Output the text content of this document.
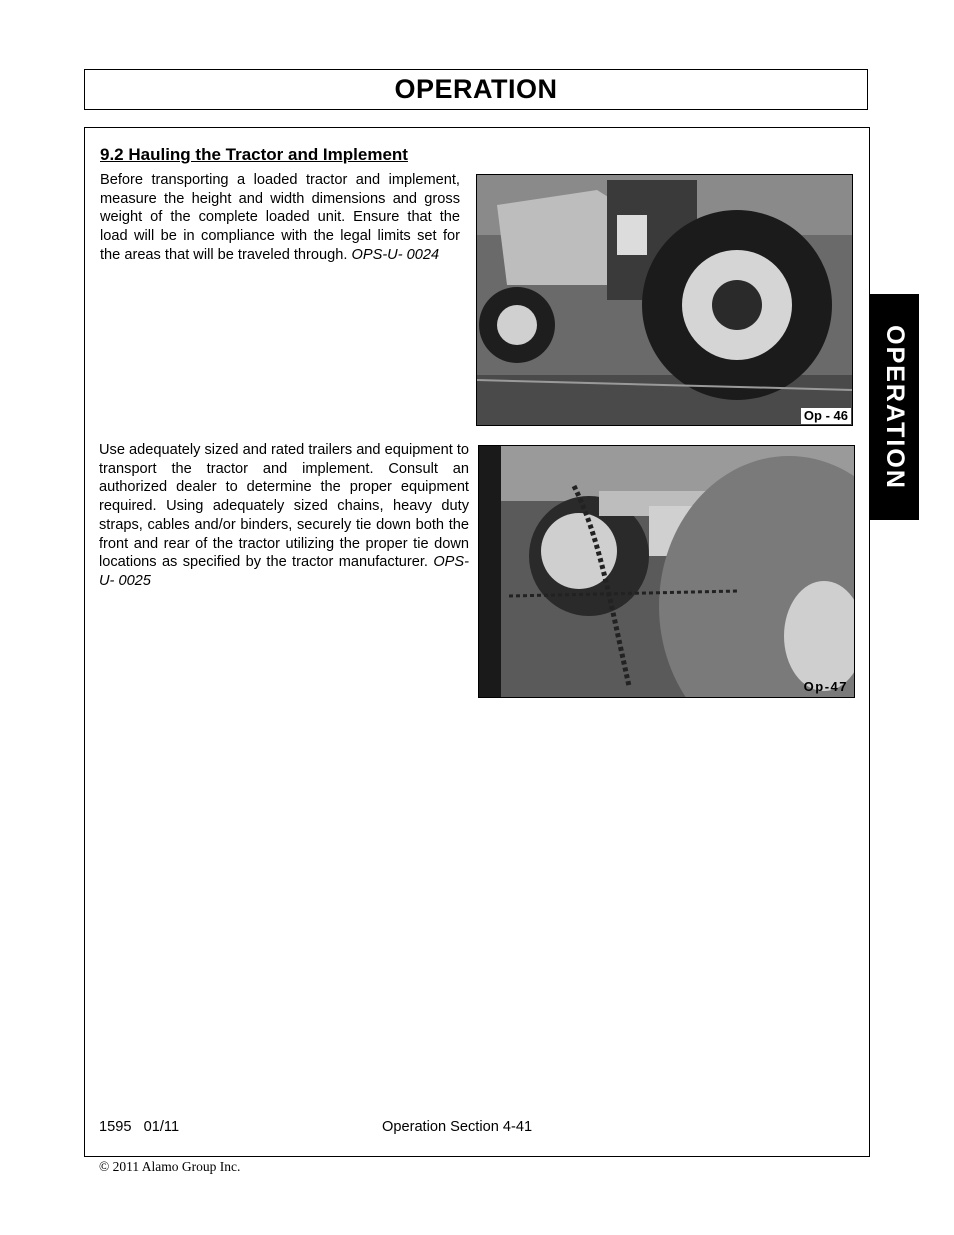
OPERATION
9.2 Hauling the Tractor and Implement
Before transporting a loaded tractor and implement, measure the height and width dimensions and gross weight of the complete loaded unit. Ensure that the load will be in compliance with the legal limits set for the areas that will be traveled through. OPS-U- 0024
Use adequately sized and rated trailers and equipment to transport the tractor and implement. Consult an authorized dealer to determine the proper equipment required. Using adequately sized chains, heavy duty straps, cables and/or binders, securely tie down both the front and rear of the tractor utilizing the proper tie down locations as specified by the tractor manufacturer. OPS-U- 0025
Op - 46
Op-47
OPERATION
1595   01/11	Operation Section 4-41
© 2011 Alamo Group Inc.
